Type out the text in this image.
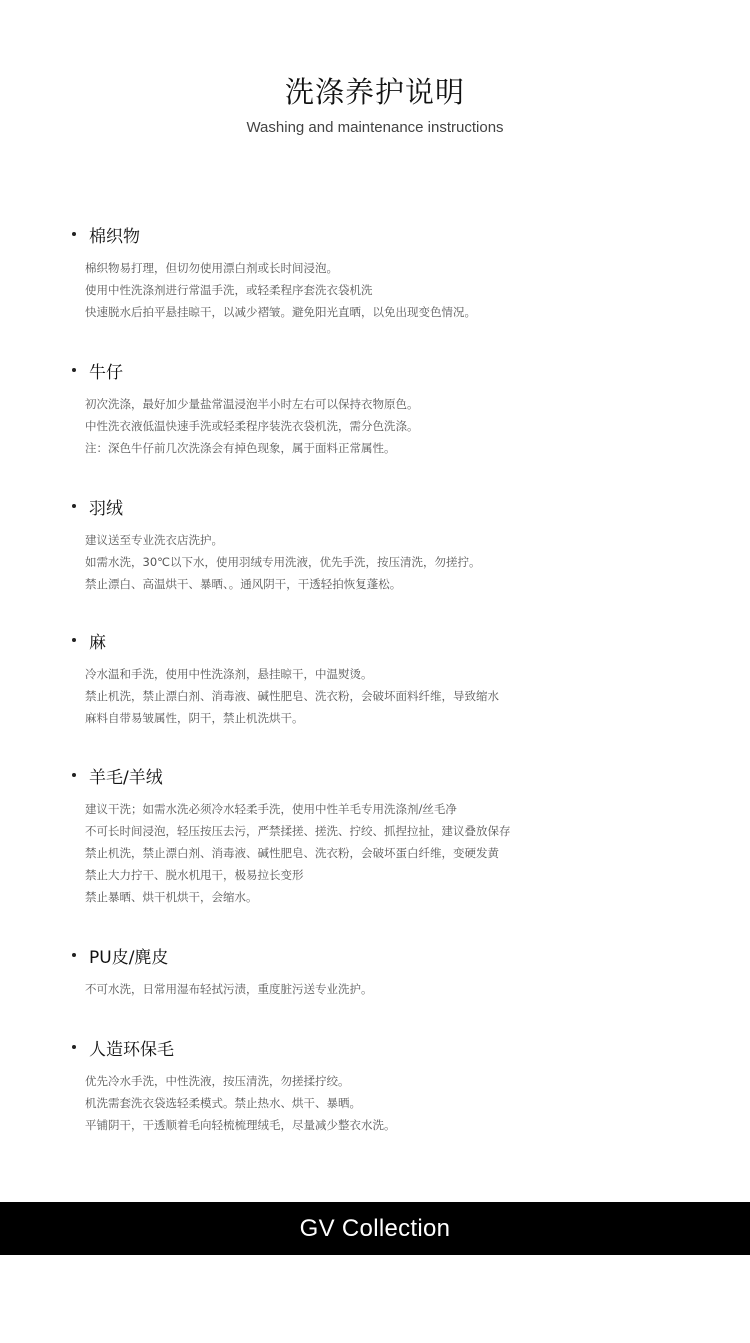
洗涤养护说明
Washing and maintenance instructions
棉织物
棉织物易打理，但切勿使用漂白剂或长时间浸泡。
使用中性洗涤剂进行常温手洗，或轻柔程序套洗衣袋机洗
快速脱水后拍平悬挂晾干，以减少褶皱。避免阳光直晒，以免出现变色情况。
牛仔
初次洗涤，最好加少量盐常温浸泡半小时左右可以保持衣物原色。
中性洗衣液低温快速手洗或轻柔程序装洗衣袋机洗，需分色洗涤。
注：深色牛仔前几次洗涤会有掉色现象，属于面料正常属性。
羽绒
建议送至专业洗衣店洗护。
如需水洗，30℃以下水，使用羽绒专用洗液，优先手洗，按压清洗，勿搓拧。
禁止漂白、高温烘干、暴晒、。通风阴干，干透轻拍恢复蓬松。
麻
冷水温和手洗，使用中性洗涤剂，悬挂晾干，中温熨烫。
禁止机洗，禁止漂白剂、消毒液、碱性肥皂、洗衣粉，会破坏面料纤维，导致缩水
麻料自带易皱属性，阴干，禁止机洗烘干。
羊毛/羊绒
建议干洗；如需水洗必须冷水轻柔手洗，使用中性羊毛专用洗涤剂/丝毛净
不可长时间浸泡，轻压按压去污，严禁揉搓、搓洗、拧绞、抓捏拉扯，建议叠放保存
禁止机洗，禁止漂白剂、消毒液、碱性肥皂、洗衣粉，会破坏蛋白纤维，变硬发黄
禁止大力拧干、脱水机甩干，极易拉长变形
禁止暴晒、烘干机烘干，会缩水。
PU皮/麂皮
不可水洗，日常用湿布轻拭污渍，重度脏污送专业洗护。
人造环保毛
优先冷水手洗，中性洗液，按压清洗，勿搓揉拧绞。
机洗需套洗衣袋选轻柔模式。禁止热水、烘干、暴晒。
平铺阴干，干透顺着毛向轻梳梳理绒毛，尽量减少整衣水洗。
GV Collection
